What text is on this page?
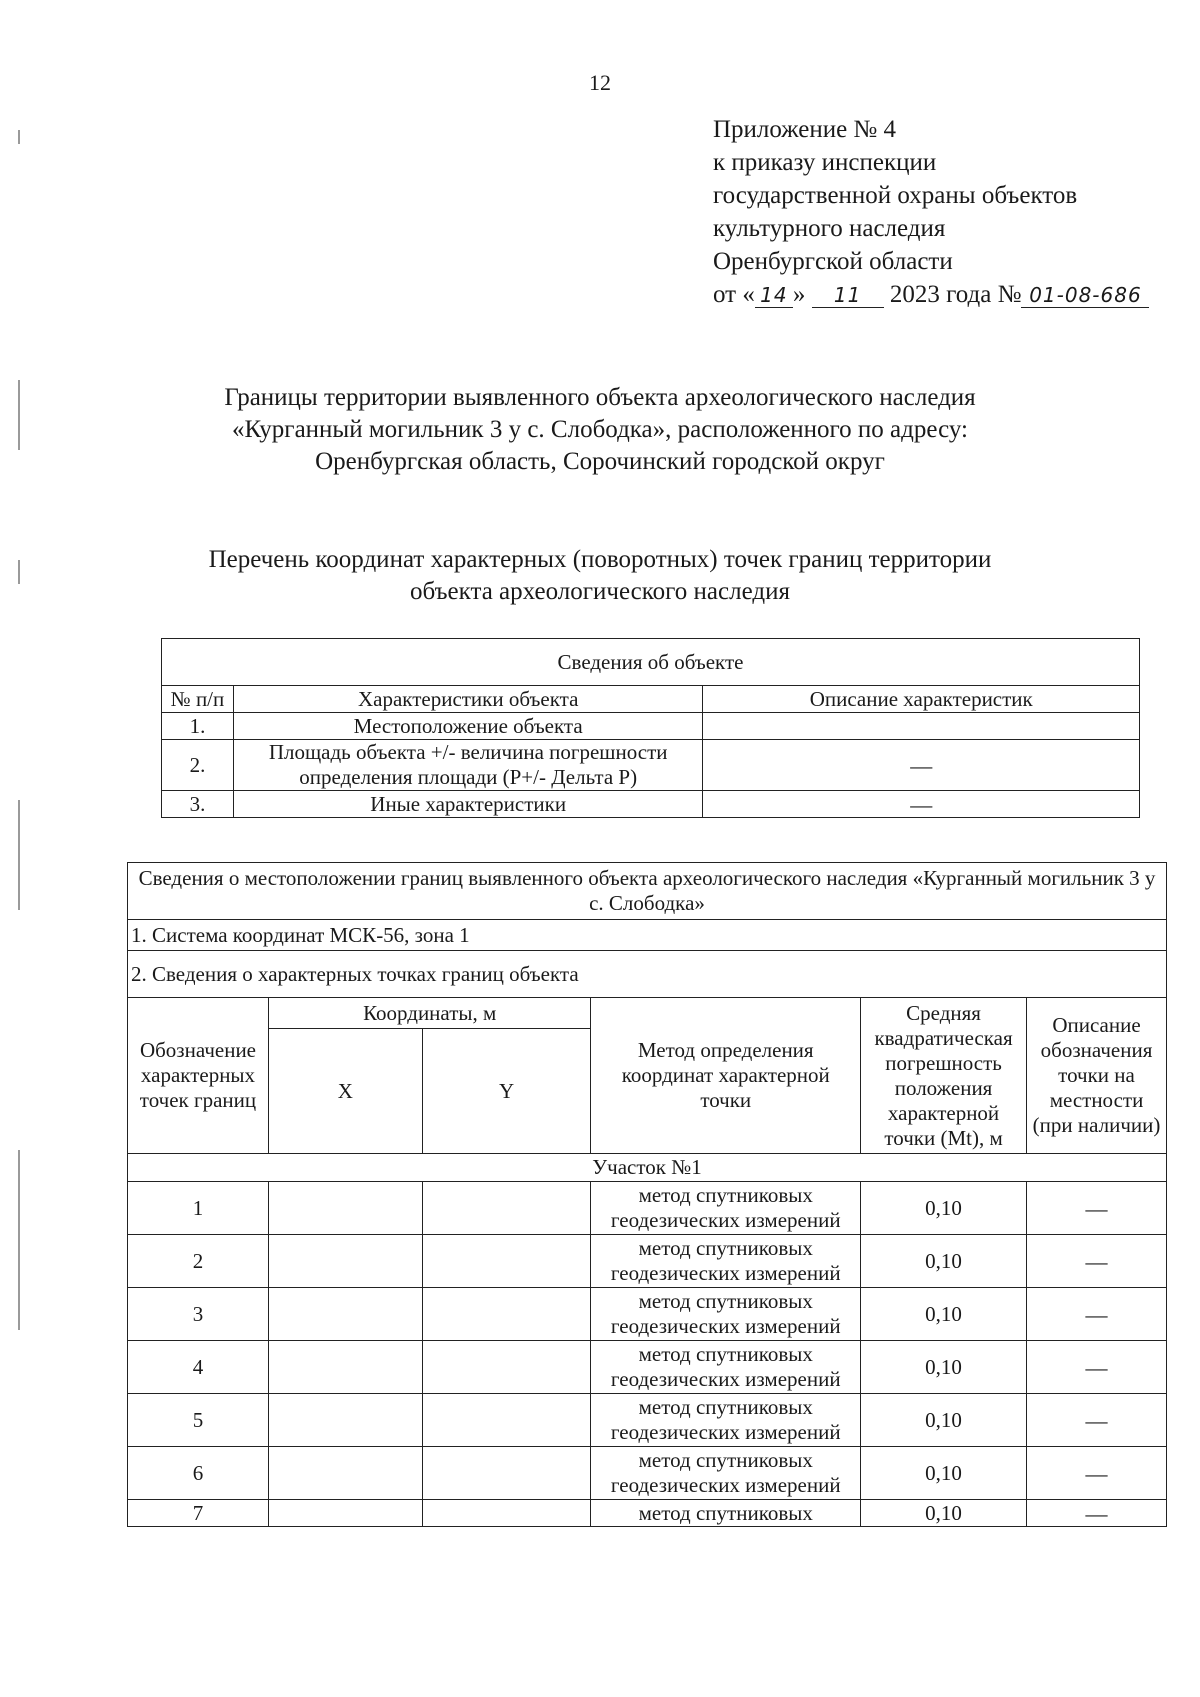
12
Приложение № 4
к приказу инспекции
государственной охраны объектов
культурного наследия
Оренбургской области
от « 14 » 11 2023 года № 01-08-686
Границы территории выявленного объекта археологического наследия
«Курганный могильник 3 у с. Слободка», расположенного по адресу:
Оренбургская область, Сорочинский городской округ
Перечень координат характерных (поворотных) точек границ территории
объекта археологического наследия
Сведения об объекте		
№ п/п	Характеристики объекта	Описание характеристик
1.	Местоположение объекта	
2.	Площадь объекта +/- величина погрешности определения площади (Р+/- Дельта Р)	—
3.	Иные характеристики	—
Сведения о местоположении границ выявленного объекта археологического наследия «Курганный могильник 3 у с. Слободка»					
1. Система координат МСК-56, зона 1					
2. Сведения о характерных точках границ объекта					
Обозначение характерных точек границ	Координаты, м		Метод определения координат характерной точки	Средняя квадратическая погрешность положения характерной точки (Mt), м	Описание обозначения точки на местности (при наличии)
	X	Y			
Участок №1					
1			метод спутниковых геодезических измерений	0,10	—
2			метод спутниковых геодезических измерений	0,10	—
3			метод спутниковых геодезических измерений	0,10	—
4			метод спутниковых геодезических измерений	0,10	—
5			метод спутниковых геодезических измерений	0,10	—
6			метод спутниковых геодезических измерений	0,10	—
7			метод спутниковых	0,10	—
